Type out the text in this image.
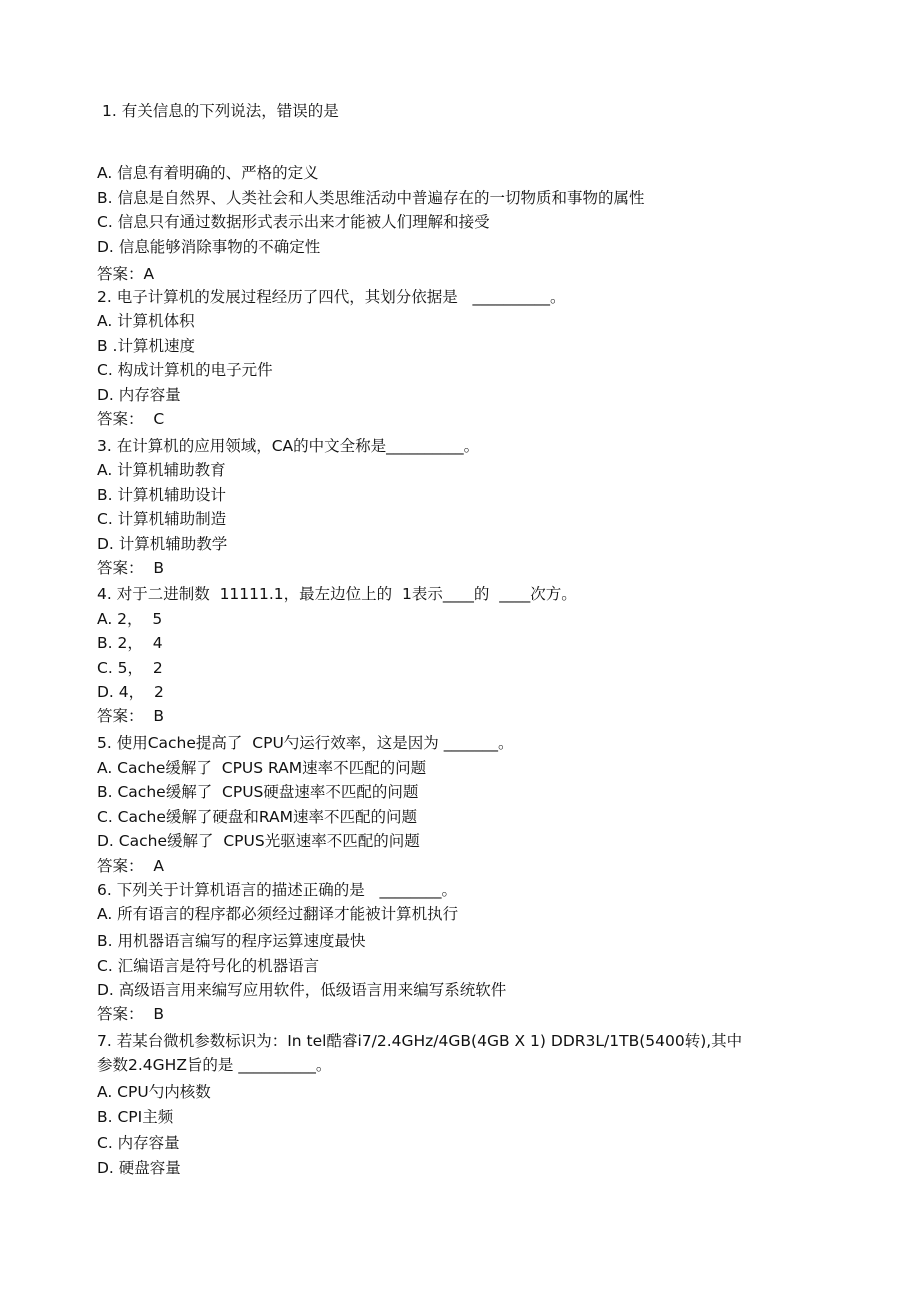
1. 有关信息的下列说法，错误的是
A. 信息有着明确的、严格的定义
B. 信息是自然界、人类社会和人类思维活动中普遍存在的一切物质和事物的属性
C. 信息只有通过数据形式表示出来才能被人们理解和接受
D. 信息能够消除事物的不确定性
答案：A
2. 电子计算机的发展过程经历了四代，其划分依据是   __________。
A. 计算机体积
B .计算机速度
C. 构成计算机的电子元件
D. 内存容量
答案：  C
3. 在计算机的应用领域，CA的中文全称是__________。
A. 计算机辅助教育
B. 计算机辅助设计
C. 计算机辅助制造
D. 计算机辅助教学
答案：  B
4. 对于二进制数  11111.1，最左边位上的  1表示____的  ____次方。
A. 2，  5
B. 2，  4
C. 5，  2
D. 4，  2
答案：  B
5. 使用Cache提高了  CPU勺运行效率，这是因为 _______。
A. Cache缓解了  CPUS RAM速率不匹配的问题
B. Cache缓解了  CPUS硬盘速率不匹配的问题
C. Cache缓解了硬盘和RAM速率不匹配的问题
D. Cache缓解了  CPUS光驱速率不匹配的问题
答案：  A
6. 下列关于计算机语言的描述正确的是   ________。
A. 所有语言的程序都必须经过翻译才能被计算机执行
B. 用机器语言编写的程序运算速度最快
C. 汇编语言是符号化的机器语言
D. 高级语言用来编写应用软件，低级语言用来编写系统软件
答案：  B
7. 若某台微机参数标识为：In tel酷睿i7/2.4GHz/4GB(4GB X 1) DDR3L/1TB(5400转),其中
参数2.4GHZ旨的是 __________。
A. CPU勺内核数
B. CPI主频
C. 内存容量
D. 硬盘容量
